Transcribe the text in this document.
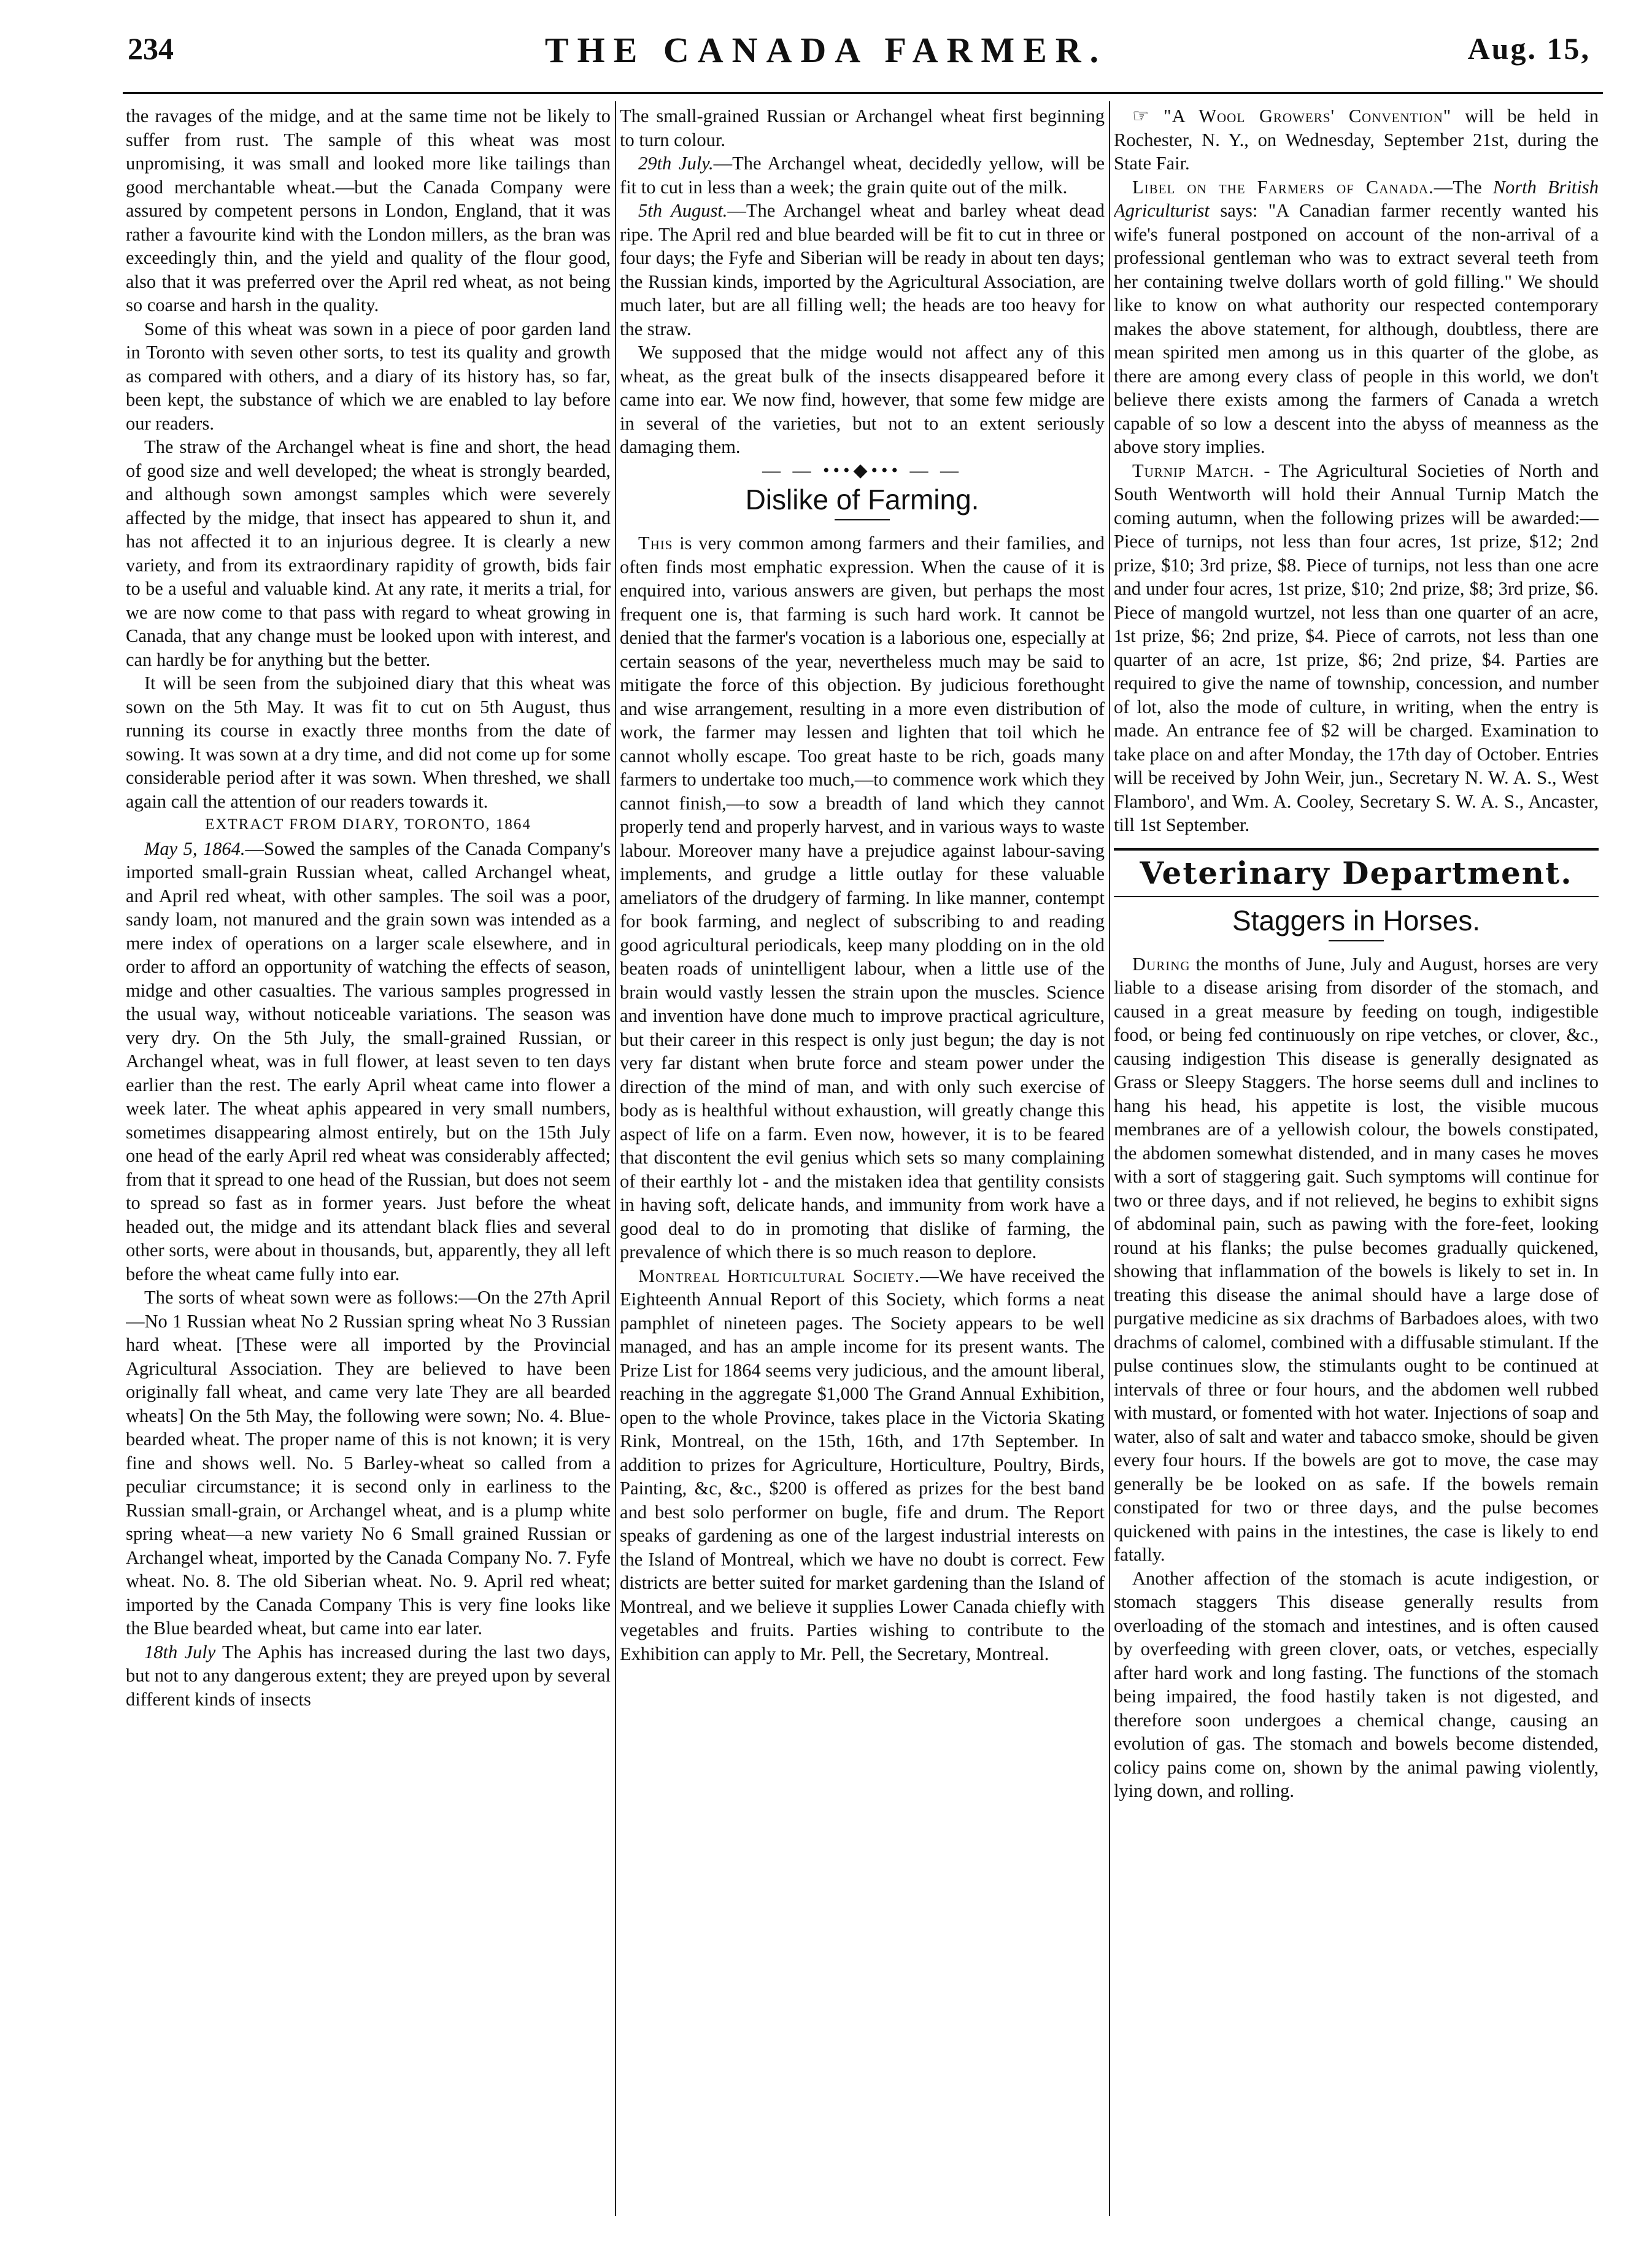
234	THE CANADA FARMER.	Aug. 15,

the ravages of the midge, and at the same time not be likely to suffer from rust. The sample of this wheat was most unpromising, it was small and looked more like tailings than good merchantable wheat.—but the Canada Company were assured by competent persons in London, England, that it was rather a favourite kind with the London millers, as the bran was exceedingly thin, and the yield and quality of the flour good, also that it was preferred over the April red wheat, as not being so coarse and harsh in the quality.

Some of this wheat was sown in a piece of poor garden land in Toronto with seven other sorts, to test its quality and growth as compared with others, and a diary of its history has, so far, been kept, the substance of which we are enabled to lay before our readers.

The straw of the Archangel wheat is fine and short, the head of good size and well developed; the wheat is strongly bearded, and although sown amongst samples which were severely affected by the midge, that insect has appeared to shun it, and has not affected it to an injurious degree. It is clearly a new variety, and from its extraordinary rapidity of growth, bids fair to be a useful and valuable kind. At any rate, it merits a trial, for we are now come to that pass with regard to wheat growing in Canada, that any change must be looked upon with interest, and can hardly be for anything but the better.

It will be seen from the subjoined diary that this wheat was sown on the 5th May. It was fit to cut on 5th August, thus running its course in exactly three months from the date of sowing. It was sown at a dry time, and did not come up for some considerable period after it was sown. When threshed, we shall again call the attention of our readers towards it.

EXTRACT FROM DIARY, TORONTO, 1864

May 5, 1864.—Sowed the samples of the Canada Company's imported small-grain Russian wheat, called Archangel wheat, and April red wheat, with other samples. The soil was a poor, sandy loam, not manured and the grain sown was intended as a mere index of operations on a larger scale elsewhere, and in order to afford an opportunity of watching the effects of season, midge and other casualties. The various samples progressed in the usual way, without noticeable variations. The season was very dry. On the 5th July, the small-grained Russian, or Archangel wheat, was in full flower, at least seven to ten days earlier than the rest. The early April wheat came into flower a week later. The wheat aphis appeared in very small numbers, sometimes disappearing almost entirely, but on the 15th July one head of the early April red wheat was considerably affected; from that it spread to one head of the Russian, but does not seem to spread so fast as in former years. Just before the wheat headed out, the midge and its attendant black flies and several other sorts, were about in thousands, but, apparently, they all left before the wheat came fully into ear.

The sorts of wheat sown were as follows:—On the 27th April—No 1 Russian wheat No 2 Russian spring wheat No 3 Russian hard wheat. [These were all imported by the Provincial Agricultural Association. They are believed to have been originally fall wheat, and came very late They are all bearded wheats] On the 5th May, the following were sown; No. 4. Blue-bearded wheat. The proper name of this is not known; it is very fine and shows well. No. 5 Barley-wheat so called from a peculiar circumstance; it is second only in earliness to the Russian small-grain, or Archangel wheat, and is a plump white spring wheat—a new variety No 6 Small grained Russian or Archangel wheat, imported by the Canada Company No. 7. Fyfe wheat. No. 8. The old Siberian wheat. No. 9. April red wheat; imported by the Canada Company This is very fine looks like the Blue bearded wheat, but came into ear later.

18th July The Aphis has increased during the last two days, but not to any dangerous extent; they are preyed upon by several different kinds of insects

The small-grained Russian or Archangel wheat first beginning to turn colour.

29th July.—The Archangel wheat, decidedly yellow, will be fit to cut in less than a week; the grain quite out of the milk.

5th August.—The Archangel wheat and barley wheat dead ripe. The April red and blue bearded will be fit to cut in three or four days; the Fyfe and Siberian will be ready in about ten days; the Russian kinds, imported by the Agricultural Association, are much later, but are all filling well; the heads are too heavy for the straw.

We supposed that the midge would not affect any of this wheat, as the great bulk of the insects disappeared before it came into ear. We now find, however, that some few midge are in several of the varieties, but not to an extent seriously damaging them.

— — •••◆••• — —

Dislike of Farming.

This is very common among farmers and their families, and often finds most emphatic expression. When the cause of it is enquired into, various answers are given, but perhaps the most frequent one is, that farming is such hard work. It cannot be denied that the farmer's vocation is a laborious one, especially at certain seasons of the year, nevertheless much may be said to mitigate the force of this objection. By judicious forethought and wise arrangement, resulting in a more even distribution of work, the farmer may lessen and lighten that toil which he cannot wholly escape. Too great haste to be rich, goads many farmers to undertake too much,—to commence work which they cannot finish,—to sow a breadth of land which they cannot properly tend and properly harvest, and in various ways to waste labour. Moreover many have a prejudice against labour-saving implements, and grudge a little outlay for these valuable ameliators of the drudgery of farming. In like manner, contempt for book farming, and neglect of subscribing to and reading good agricultural periodicals, keep many plodding on in the old beaten roads of unintelligent labour, when a little use of the brain would vastly lessen the strain upon the muscles. Science and invention have done much to improve practical agriculture, but their career in this respect is only just begun; the day is not very far distant when brute force and steam power under the direction of the mind of man, and with only such exercise of body as is healthful without exhaustion, will greatly change this aspect of life on a farm. Even now, however, it is to be feared that discontent the evil genius which sets so many complaining of their earthly lot - and the mistaken idea that gentility consists in having soft, delicate hands, and immunity from work have a good deal to do in promoting that dislike of farming, the prevalence of which there is so much reason to deplore.

Montreal Horticultural Society.—We have received the Eighteenth Annual Report of this Society, which forms a neat pamphlet of nineteen pages. The Society appears to be well managed, and has an ample income for its present wants. The Prize List for 1864 seems very judicious, and the amount liberal, reaching in the aggregate $1,000 The Grand Annual Exhibition, open to the whole Province, takes place in the Victoria Skating Rink, Montreal, on the 15th, 16th, and 17th September. In addition to prizes for Agriculture, Horticulture, Poultry, Birds, Painting, &c, &c., $200 is offered as prizes for the best band and best solo performer on bugle, fife and drum. The Report speaks of gardening as one of the largest industrial interests on the Island of Montreal, which we have no doubt is correct. Few districts are better suited for market gardening than the Island of Montreal, and we believe it supplies Lower Canada chiefly with vegetables and fruits. Parties wishing to contribute to the Exhibition can apply to Mr. Pell, the Secretary, Montreal.

☞ "A Wool Growers' Convention" will be held in Rochester, N. Y., on Wednesday, September 21st, during the State Fair.

Libel on the Farmers of Canada.—The North British Agriculturist says: "A Canadian farmer recently wanted his wife's funeral postponed on account of the non-arrival of a professional gentleman who was to extract several teeth from her containing twelve dollars worth of gold filling." We should like to know on what authority our respected contemporary makes the above statement, for although, doubtless, there are mean spirited men among us in this quarter of the globe, as there are among every class of people in this world, we don't believe there exists among the farmers of Canada a wretch capable of so low a descent into the abyss of meanness as the above story implies.

Turnip Match. - The Agricultural Societies of North and South Wentworth will hold their Annual Turnip Match the coming autumn, when the following prizes will be awarded:—Piece of turnips, not less than four acres, 1st prize, $12; 2nd prize, $10; 3rd prize, $8. Piece of turnips, not less than one acre and under four acres, 1st prize, $10; 2nd prize, $8; 3rd prize, $6. Piece of mangold wurtzel, not less than one quarter of an acre, 1st prize, $6; 2nd prize, $4. Piece of carrots, not less than one quarter of an acre, 1st prize, $6; 2nd prize, $4. Parties are required to give the name of township, concession, and number of lot, also the mode of culture, in writing, when the entry is made. An entrance fee of $2 will be charged. Examination to take place on and after Monday, the 17th day of October. Entries will be received by John Weir, jun., Secretary N. W. A. S., West Flamboro', and Wm. A. Cooley, Secretary S. W. A. S., Ancaster, till 1st September.

Veterinary Department.

Staggers in Horses.

During the months of June, July and August, horses are very liable to a disease arising from disorder of the stomach, and caused in a great measure by feeding on tough, indigestible food, or being fed continuously on ripe vetches, or clover, &c., causing indigestion This disease is generally designated as Grass or Sleepy Staggers. The horse seems dull and inclines to hang his head, his appetite is lost, the visible mucous membranes are of a yellowish colour, the bowels constipated, the abdomen somewhat distended, and in many cases he moves with a sort of staggering gait. Such symptoms will continue for two or three days, and if not relieved, he begins to exhibit signs of abdominal pain, such as pawing with the fore-feet, looking round at his flanks; the pulse becomes gradually quickened, showing that inflammation of the bowels is likely to set in. In treating this disease the animal should have a large dose of purgative medicine as six drachms of Barbadoes aloes, with two drachms of calomel, combined with a diffusable stimulant. If the pulse continues slow, the stimulants ought to be continued at intervals of three or four hours, and the abdomen well rubbed with mustard, or fomented with hot water. Injections of soap and water, also of salt and water and tabacco smoke, should be given every four hours. If the bowels are got to move, the case may generally be be looked on as safe. If the bowels remain constipated for two or three days, and the pulse becomes quickened with pains in the intestines, the case is likely to end fatally.

Another affection of the stomach is acute indigestion, or stomach staggers This disease generally results from overloading of the stomach and intestines, and is often caused by overfeeding with green clover, oats, or vetches, especially after hard work and long fasting. The functions of the stomach being impaired, the food hastily taken is not digested, and therefore soon undergoes a chemical change, causing an evolution of gas. The stomach and bowels become distended, colicy pains come on, shown by the animal pawing violently, lying down, and rolling.
